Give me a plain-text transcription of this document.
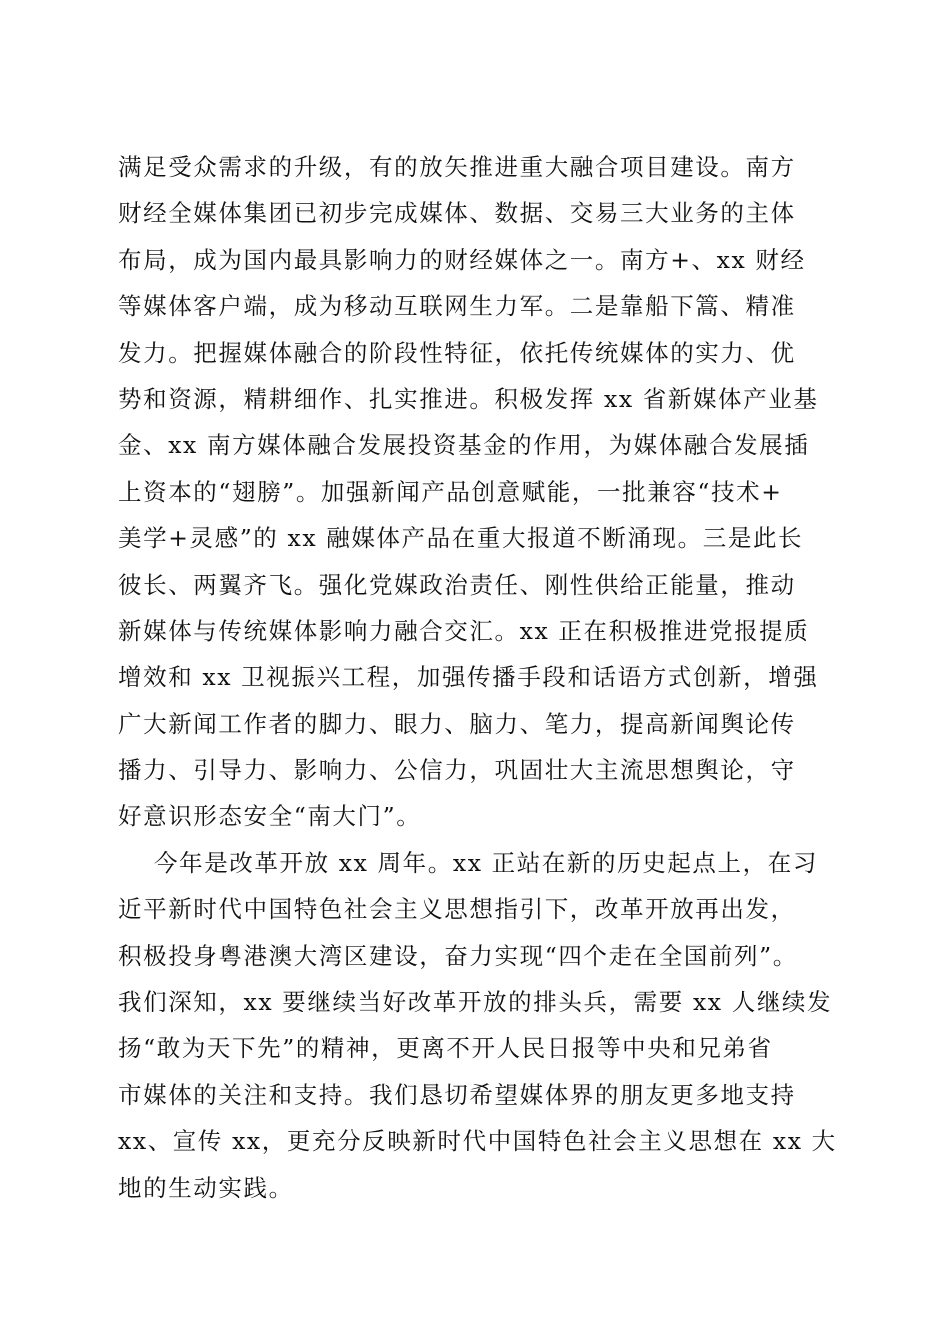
满足受众需求的升级，有的放矢推进重大融合项目建设。南方
财经全媒体集团已初步完成媒体、数据、交易三大业务的主体
布局，成为国内最具影响力的财经媒体之一。南方+、xx 财经
等媒体客户端，成为移动互联网生力军。二是靠船下篙、精准
发力。把握媒体融合的阶段性特征，依托传统媒体的实力、优
势和资源，精耕细作、扎实推进。积极发挥 xx 省新媒体产业基
金、xx 南方媒体融合发展投资基金的作用，为媒体融合发展插
上资本的“翅膀”。加强新闻产品创意赋能，一批兼容“技术+
美学+灵感”的 xx 融媒体产品在重大报道不断涌现。三是此长
彼长、两翼齐飞。强化党媒政治责任、刚性供给正能量，推动
新媒体与传统媒体影响力融合交汇。xx 正在积极推进党报提质
增效和 xx 卫视振兴工程，加强传播手段和话语方式创新，增强
广大新闻工作者的脚力、眼力、脑力、笔力，提高新闻舆论传
播力、引导力、影响力、公信力，巩固壮大主流思想舆论，守
好意识形态安全“南大门”。
今年是改革开放 xx 周年。xx 正站在新的历史起点上，在习
近平新时代中国特色社会主义思想指引下，改革开放再出发，
积极投身粤港澳大湾区建设，奋力实现“四个走在全国前列”。
我们深知，xx 要继续当好改革开放的排头兵，需要 xx 人继续发
扬“敢为天下先”的精神，更离不开人民日报等中央和兄弟省
市媒体的关注和支持。我们恳切希望媒体界的朋友更多地支持
xx、宣传 xx，更充分反映新时代中国特色社会主义思想在 xx 大
地的生动实践。
